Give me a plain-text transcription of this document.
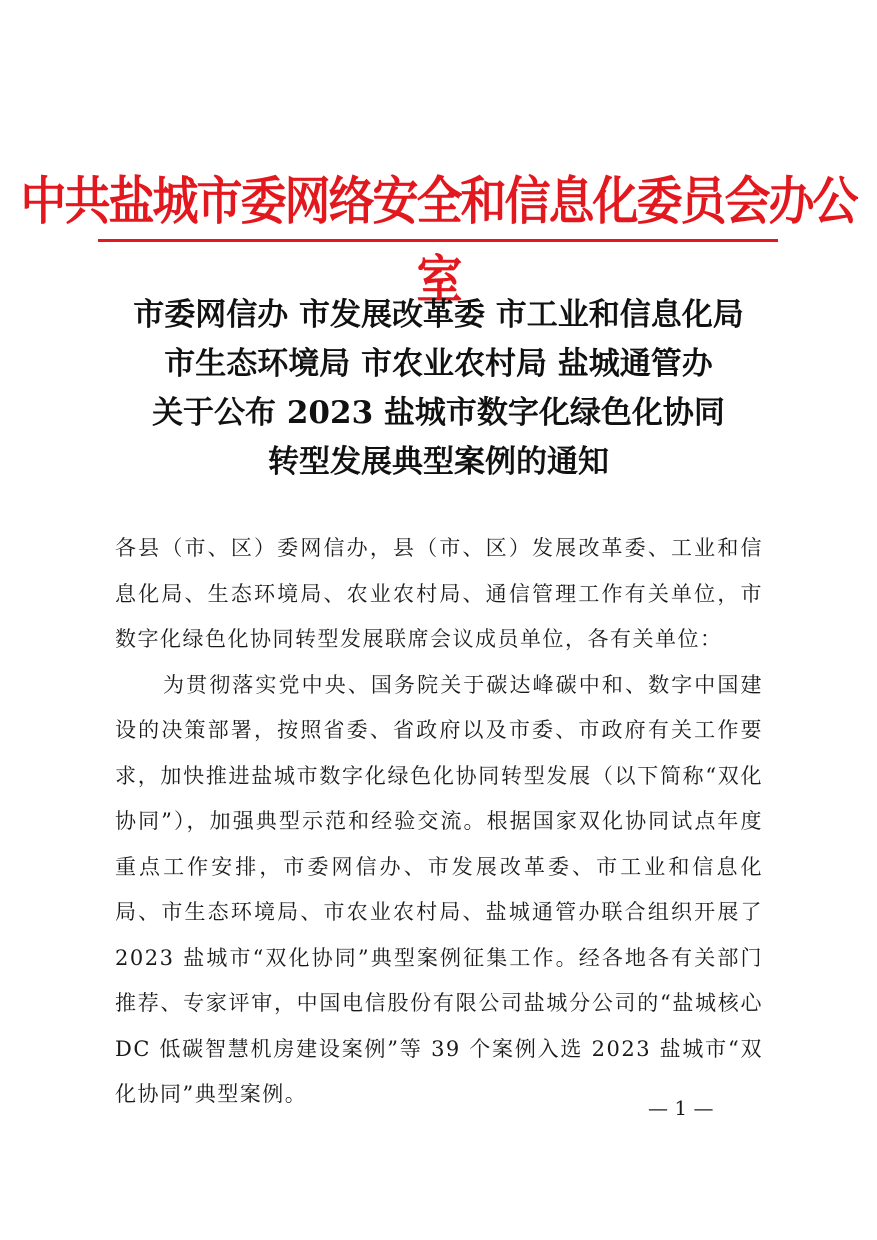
中共盐城市委网络安全和信息化委员会办公室
市委网信办 市发展改革委 市工业和信息化局
市生态环境局 市农业农村局 盐城通管办
关于公布 2023 盐城市数字化绿色化协同
转型发展典型案例的通知

各县（市、区）委网信办，县（市、区）发展改革委、工业和信息化局、生态环境局、农业农村局、通信管理工作有关单位，市数字化绿色化协同转型发展联席会议成员单位，各有关单位：

为贯彻落实党中央、国务院关于碳达峰碳中和、数字中国建设的决策部署，按照省委、省政府以及市委、市政府有关工作要求，加快推进盐城市数字化绿色化协同转型发展（以下简称“双化协同”），加强典型示范和经验交流。根据国家双化协同试点年度重点工作安排，市委网信办、市发展改革委、市工业和信息化局、市生态环境局、市农业农村局、盐城通管办联合组织开展了 2023 盐城市“双化协同”典型案例征集工作。经各地各有关部门推荐、专家评审，中国电信股份有限公司盐城分公司的“盐城核心 DC 低碳智慧机房建设案例”等 39 个案例入选 2023 盐城市“双化协同”典型案例。

— 1 —
